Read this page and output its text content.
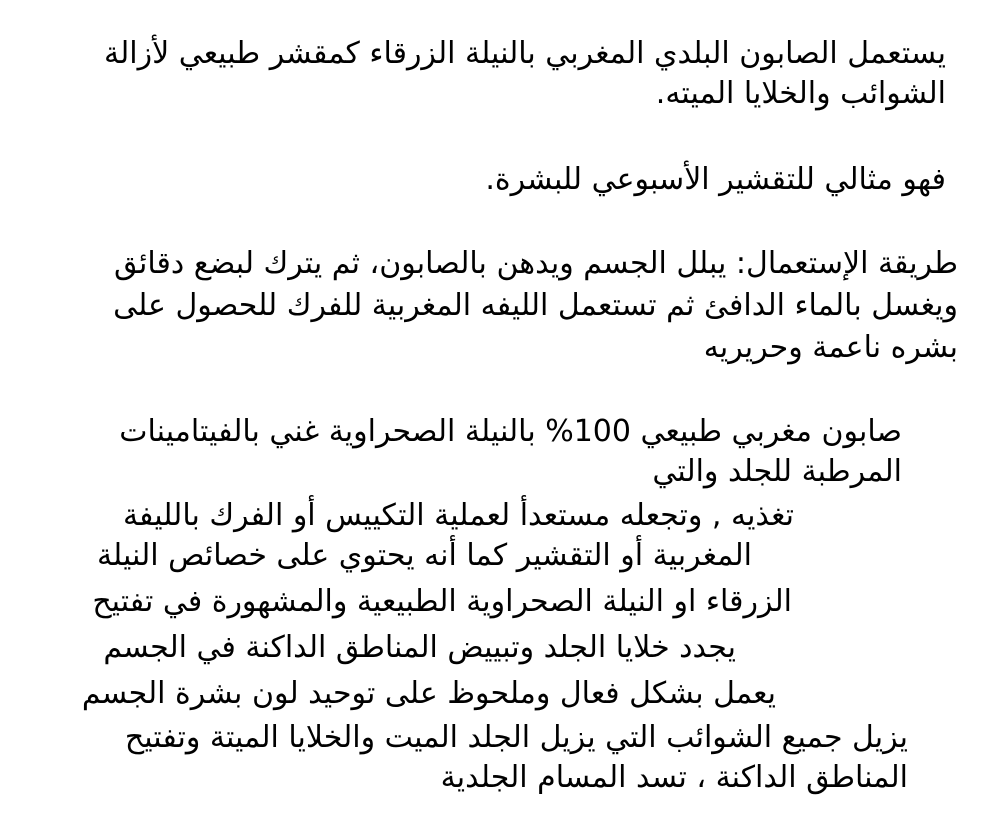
يستعمل الصابون البلدي المغربي بالنيلة الزرقاء كمقشر طبيعي لأزالة

الشوائب والخلايا الميته.

فهو مثالي للتقشير الأسبوعي للبشرة.

طريقة الإستعمال: يبلل الجسم ويدهن بالصابون، ثم يترك لبضع دقائق

ويغسل بالماء الدافئ ثم تستعمل الليفه المغربية للفرك للحصول على

بشره ناعمة وحريريه

صابون مغربي طبيعي 100% بالنيلة الصحراوية غني بالفيتامينات

المرطبة للجلد والتي

تغذيه , وتجعله مستعدأ لعملية التكييس أو الفرك بالليفة

المغربية أو التقشير كما أنه يحتوي على خصائص النيلة

الزرقاء او النيلة الصحراوية الطبيعية والمشهورة في تفتيح

يجدد خلايا الجلد وتبييض المناطق الداكنة في الجسم

يعمل بشكل فعال وملحوظ على توحيد لون بشرة الجسم

يزيل جميع الشوائب التي يزيل الجلد الميت والخلايا الميتة وتفتيح

المناطق الداكنة ، تسد المسام الجلدية
